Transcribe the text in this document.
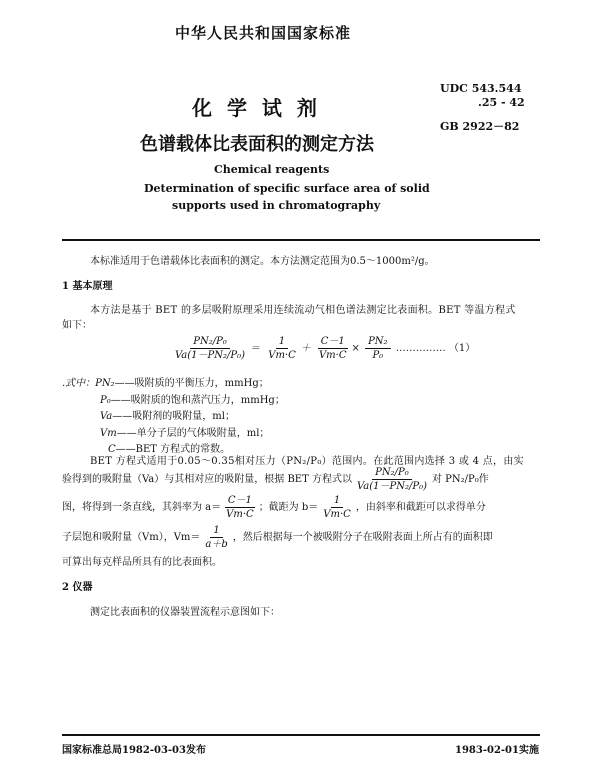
中华人民共和国国家标准
UDC 543.544
.25 - 42
GB 2922－82
化 学 试 剂
色谱载体比表面积的测定方法
Chemical reagents
Determination of specific surface area of solid
supports used in chromatography
本标准适用于色谱载体比表面积的测定。本方法测定范围为0.5～1000m²/g。
1 基本原理
本方法是基于 BET 的多层吸附原理采用连续流动气相色谱法测定比表面积。BET 等温方程式
如下：
$\frac{\text{PN₂/P₀}}{\text{Va(1－PN₂/P₀)}} = \frac{1}{Vm\cdot C} + \frac{C-1}{Vm\cdot C} \times \frac{\text{PN₂}}{\text{P₀}}$ …………… （1）
.式中：PN₂——吸附质的平衡压力，mmHg；
P₀——吸附质的饱和蒸汽压力，mmHg；
Va——吸附剂的吸附量，ml；
Vm——单分子层的气体吸附量，ml；
C——BET 方程式的常数。
BET 方程式适用于0.05～0.35相对压力（PN₂/P₀）范围内。在此范围内选择 3 或 4 点，由实
验得到的吸附量（Va）与其相对应的吸附量，根据 BET 方程式以 $\frac{\text{PN₂/P₀}}{\text{Va(1－PN₂/P₀)}}$ 对 PN₂/P₀作
图，将得到一条直线，其斜率为 $a= \frac{C-1}{Vm\cdot C}$ ；截距为 $b= \frac{1}{Vm\cdot C}$ ，由斜率和截距可以求得单分
子层饱和吸附量（Vm），$Vm= \frac{1}{a+b}$ ，然后根据每一个被吸附分子在吸附表面上所占有的面积即
可算出每克样品所具有的比表面积。
2 仪器
测定比表面积的仪器装置流程示意图如下：
国家标准总局1982-03-03发布	1983-02-01实施
